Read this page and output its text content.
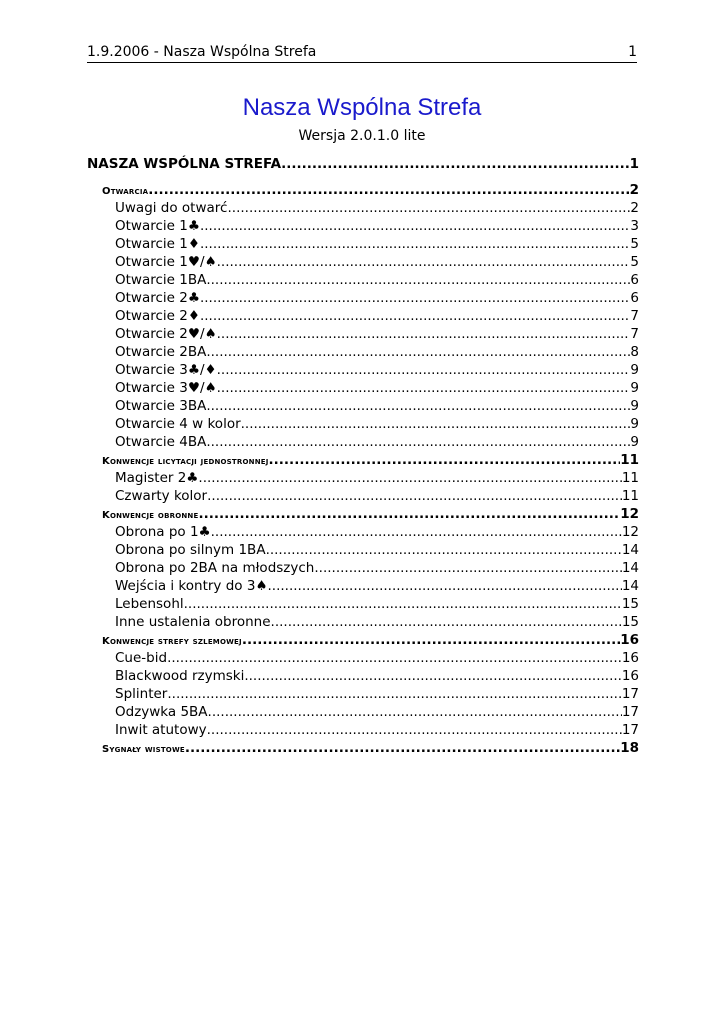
1.9.2006 - Nasza Wspólna Strefa	1
Nasza Wspólna Strefa
Wersja 2.0.1.0 lite
NASZA WSPÓLNA STREFA .....	1
Otwarcia .....	2
Uwagi do otwarć .....	2
Otwarcie 1♣ .....	3
Otwarcie 1♦ .....	5
Otwarcie 1♥/♠ .....	5
Otwarcie 1BA .....	6
Otwarcie 2♣ .....	6
Otwarcie 2♦ .....	7
Otwarcie 2♥/♠ .....	7
Otwarcie 2BA .....	8
Otwarcie 3♣/♦ .....	9
Otwarcie 3♥/♠ .....	9
Otwarcie 3BA .....	9
Otwarcie 4 w kolor .....	9
Otwarcie 4BA .....	9
Konwencje licytacji jednostronnej .....	11
Magister 2♣ .....	11
Czwarty kolor .....	11
Konwencje obronne .....	12
Obrona po 1♣ .....	12
Obrona po silnym 1BA .....	14
Obrona po 2BA na młodszych .....	14
Wejścia i kontry do 3♠ .....	14
Lebensohl .....	15
Inne ustalenia obronne .....	15
Konwencje strefy szlemowej .....	16
Cue-bid .....	16
Blackwood rzymski .....	16
Splinter .....	17
Odzywka 5BA .....	17
Inwit atutowy .....	17
Sygnały wistowe .....	18
